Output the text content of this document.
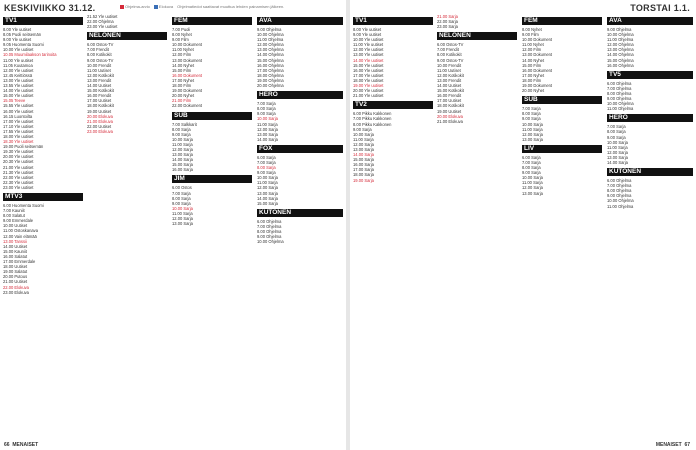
KESKIVIIKKO 31.12.	Ohjelma-arvio	Elokuva Ohjelmatiedot saattavat muuttua lehden painamisen jälkeen.
TV1
8.00 Yle uutiset
8.05 Puoli seitsemän
9.00 Yle uutiset
9.05 Huomenta Suomi
10.00 Yle uutiset
10.05 Muumilaakson tarinoita
11.00 Yle uutiset
11.05 Kuutamoa
12.00 Yle uutiset
12.45 Keittiössä
13.00 Yle uutiset
13.55 Yle uutiset
14.00 Yle uutiset
15.00 Yle uutiset
15.05 Teeve
15.55 Yle uutiset
16.00 Yle uutiset
16.15 Luontoilta
17.00 Yle uutiset
17.10 Yle uutiset
17.55 Yle uutiset
18.00 Yle uutiset
18.30 Yle uutiset
19.00 Puoli seitsemän
19.30 Yle uutiset
20.00 Yle uutiset
20.30 Yle uutiset
21.00 Yle uutiset
21.30 Yle uutiset
22.00 Yle uutiset
22.30 Yle uutiset
23.00 Yle uutiset
MTV3
6.00 Huomenta Suomi
7.00 Kauniit
8.00 Salatut
9.00 Emmerdale
10.00 Uutiset
11.00 Ostoskanava
12.00 Vain elämää
13.00 Tanssii
14.00 Uutiset
15.00 Kauniit
16.00 Salatut
17.00 Emmerdale
18.00 Uutiset
19.00 Salatut
20.00 Putous
21.00 Uutiset
22.00 Elokuva
23.00 Elokuva
21.52 Yle uutiset
22.00 Ohjelma
23.00 Yle uutiset
NELONEN
6.00 Ostos-TV
7.00 Frendit
8.00 Kotikokit
9.00 Ostos-TV
10.00 Frendit
11.00 Uutiset
12.00 Kotikokit
13.00 Frendit
14.00 Uutiset
15.00 Kotikokit
16.00 Frendit
17.00 Uutiset
18.00 Kotikokit
19.00 Uutiset
20.00 Elokuva
21.00 Elokuva
22.00 Uutiset
23.00 Elokuva
FEM
7.00 Puoli
8.00 Nyhet
9.00 Film
10.00 Dokument
11.00 Nyhet
12.00 Film
13.00 Dokument
14.00 Nyhet
15.00 Film
16.00 Dokument
17.00 Nyhet
18.00 Film
19.00 Dokument
20.00 Nyhet
21.00 Film
22.00 Dokument
SUB
7.00 Salkkarit
8.00 Sarja
9.00 Sarja
10.00 Sarja
11.00 Sarja
12.00 Sarja
13.00 Sarja
14.00 Sarja
15.00 Sarja
16.00 Sarja
JIM
6.00 Ostos
7.00 Sarja
8.00 Sarja
9.00 Sarja
10.00 Sarja
11.00 Sarja
12.00 Sarja
13.00 Sarja
AVA
9.00 Ohjelma
10.00 Ohjelma
11.00 Ohjelma
12.00 Ohjelma
13.00 Ohjelma
14.00 Ohjelma
15.00 Ohjelma
16.00 Ohjelma
17.00 Ohjelma
18.00 Ohjelma
19.00 Ohjelma
20.00 Ohjelma
HERO
7.00 Sarja
8.00 Sarja
9.00 Sarja
10.00 Sarja
11.00 Sarja
12.00 Sarja
13.00 Sarja
14.00 Sarja
FOX
6.00 Sarja
7.00 Sarja
8.00 Sarja
9.00 Sarja
10.00 Sarja
11.00 Sarja
12.00 Sarja
13.00 Sarja
14.00 Sarja
15.00 Sarja
KUTONEN
6.00 Ohjelma
7.00 Ohjelma
8.00 Ohjelma
9.00 Ohjelma
10.00 Ohjelma
66 MENAISET
TORSTAI 1.1.
TV1
8.00 Yle uutiset
9.00 Yle uutiset
10.00 Yle uutiset
11.00 Yle uutiset
12.00 Yle uutiset
13.00 Yle uutiset
14.00 Yle uutiset
15.00 Yle uutiset
16.00 Yle uutiset
17.00 Yle uutiset
18.00 Yle uutiset
19.00 Yle uutiset
20.00 Yle uutiset
21.00 Yle uutiset
TV2
6.00 Pikku Kakkonen
7.00 Pikku Kakkonen
8.00 Pikku Kakkonen
9.00 Sarja
10.00 Sarja
11.00 Sarja
12.00 Sarja
13.00 Sarja
14.00 Sarja
15.00 Sarja
16.00 Sarja
17.00 Sarja
18.00 Sarja
19.00 Sarja
21.00 Sarja
22.00 Sarja
23.00 Sarja
NELONEN
6.00 Ostos-TV
7.00 Frendit
8.00 Kotikokit
9.00 Ostos-TV
10.00 Frendit
11.00 Uutiset
12.00 Kotikokit
13.00 Frendit
14.00 Uutiset
15.00 Kotikokit
16.00 Frendit
17.00 Uutiset
18.00 Kotikokit
19.00 Uutiset
20.00 Elokuva
21.00 Elokuva
FEM
8.00 Nyhet
9.00 Film
10.00 Dokument
11.00 Nyhet
12.00 Film
13.00 Dokument
14.00 Nyhet
15.00 Film
16.00 Dokument
17.00 Nyhet
18.00 Film
19.00 Dokument
20.00 Nyhet
SUB
7.00 Sarja
8.00 Sarja
9.00 Sarja
10.00 Sarja
11.00 Sarja
12.00 Sarja
13.00 Sarja
LIV
6.00 Sarja
7.00 Sarja
8.00 Sarja
9.00 Sarja
10.00 Sarja
11.00 Sarja
12.00 Sarja
13.00 Sarja
AVA
9.00 Ohjelma
10.00 Ohjelma
11.00 Ohjelma
12.00 Ohjelma
13.00 Ohjelma
14.00 Ohjelma
15.00 Ohjelma
16.00 Ohjelma
TV5
6.00 Ohjelma
7.00 Ohjelma
8.00 Ohjelma
9.00 Ohjelma
10.00 Ohjelma
11.00 Ohjelma
HERO
7.00 Sarja
8.00 Sarja
9.00 Sarja
10.00 Sarja
11.00 Sarja
12.00 Sarja
13.00 Sarja
14.00 Sarja
KUTONEN
6.00 Ohjelma
7.00 Ohjelma
8.00 Ohjelma
9.00 Ohjelma
10.00 Ohjelma
11.00 Ohjelma
MENAISET 67
